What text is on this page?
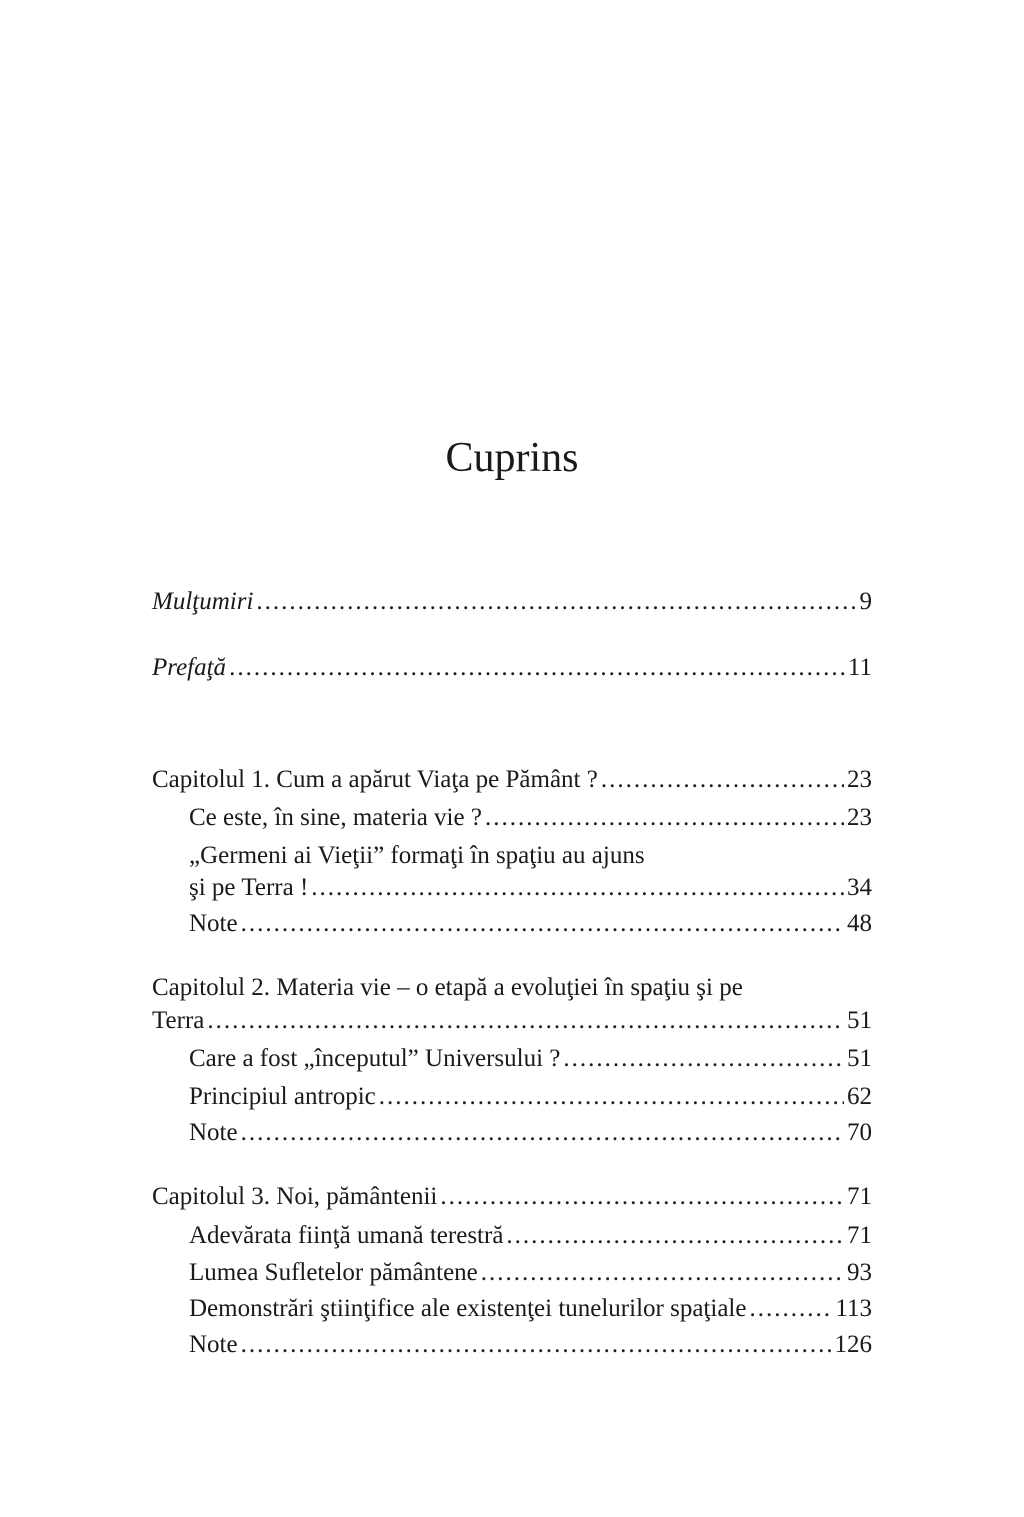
Cuprins
Mulţumiri .....	9
Prefaţă .....	11
Capitolul 1. Cum a apărut Viaţa pe Pământ ? .....	23
Ce este, în sine, materia vie ? .....	23
„Germeni ai Vieţii” formaţi în spaţiu au ajuns
şi pe Terra ! .....	34
Note .....	48
Capitolul 2. Materia vie – o etapă a evoluţiei în spaţiu şi pe
Terra .....	51
Care a fost „începutul” Universului ? .....	51
Principiul antropic .....	62
Note .....	70
Capitolul 3. Noi, pământenii .....	71
Adevărata fiinţă umană terestră .....	71
Lumea Sufletelor pământene .....	93
Demonstrări ştiinţifice ale existenţei tunelurilor spaţiale .....	113
Note .....	126
